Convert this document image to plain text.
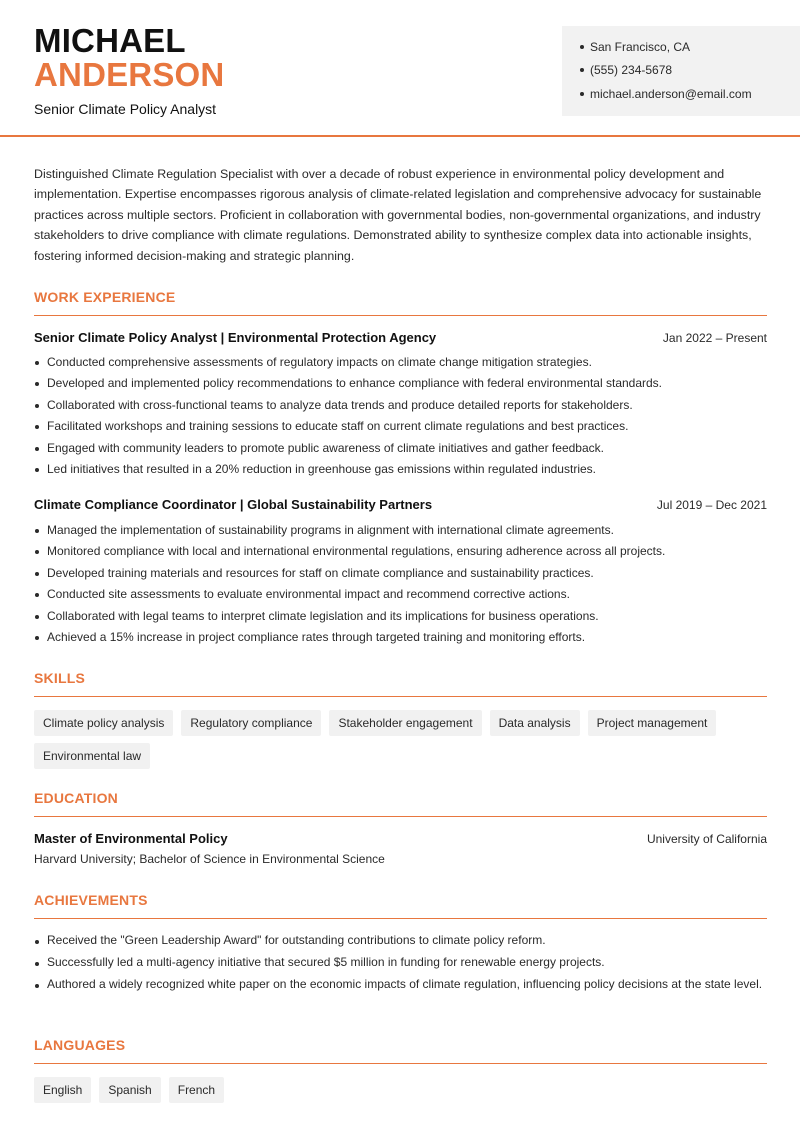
MICHAEL
ANDERSON
Senior Climate Policy Analyst
San Francisco, CA
(555) 234-5678
michael.anderson@email.com
Distinguished Climate Regulation Specialist with over a decade of robust experience in environmental policy development and implementation. Expertise encompasses rigorous analysis of climate-related legislation and comprehensive advocacy for sustainable practices across multiple sectors. Proficient in collaboration with governmental bodies, non-governmental organizations, and industry stakeholders to drive compliance with climate regulations. Demonstrated ability to synthesize complex data into actionable insights, fostering informed decision-making and strategic planning.
WORK EXPERIENCE
Senior Climate Policy Analyst | Environmental Protection Agency	Jan 2022 – Present
Conducted comprehensive assessments of regulatory impacts on climate change mitigation strategies.
Developed and implemented policy recommendations to enhance compliance with federal environmental standards.
Collaborated with cross-functional teams to analyze data trends and produce detailed reports for stakeholders.
Facilitated workshops and training sessions to educate staff on current climate regulations and best practices.
Engaged with community leaders to promote public awareness of climate initiatives and gather feedback.
Led initiatives that resulted in a 20% reduction in greenhouse gas emissions within regulated industries.
Climate Compliance Coordinator | Global Sustainability Partners	Jul 2019 – Dec 2021
Managed the implementation of sustainability programs in alignment with international climate agreements.
Monitored compliance with local and international environmental regulations, ensuring adherence across all projects.
Developed training materials and resources for staff on climate compliance and sustainability practices.
Conducted site assessments to evaluate environmental impact and recommend corrective actions.
Collaborated with legal teams to interpret climate legislation and its implications for business operations.
Achieved a 15% increase in project compliance rates through targeted training and monitoring efforts.
SKILLS
Climate policy analysis	Regulatory compliance	Stakeholder engagement	Data analysis	Project management
Environmental law
EDUCATION
Master of Environmental Policy	University of California
Harvard University; Bachelor of Science in Environmental Science
ACHIEVEMENTS
Received the "Green Leadership Award" for outstanding contributions to climate policy reform.
Successfully led a multi-agency initiative that secured $5 million in funding for renewable energy projects.
Authored a widely recognized white paper on the economic impacts of climate regulation, influencing policy decisions at the state level.
LANGUAGES
English	Spanish	French
